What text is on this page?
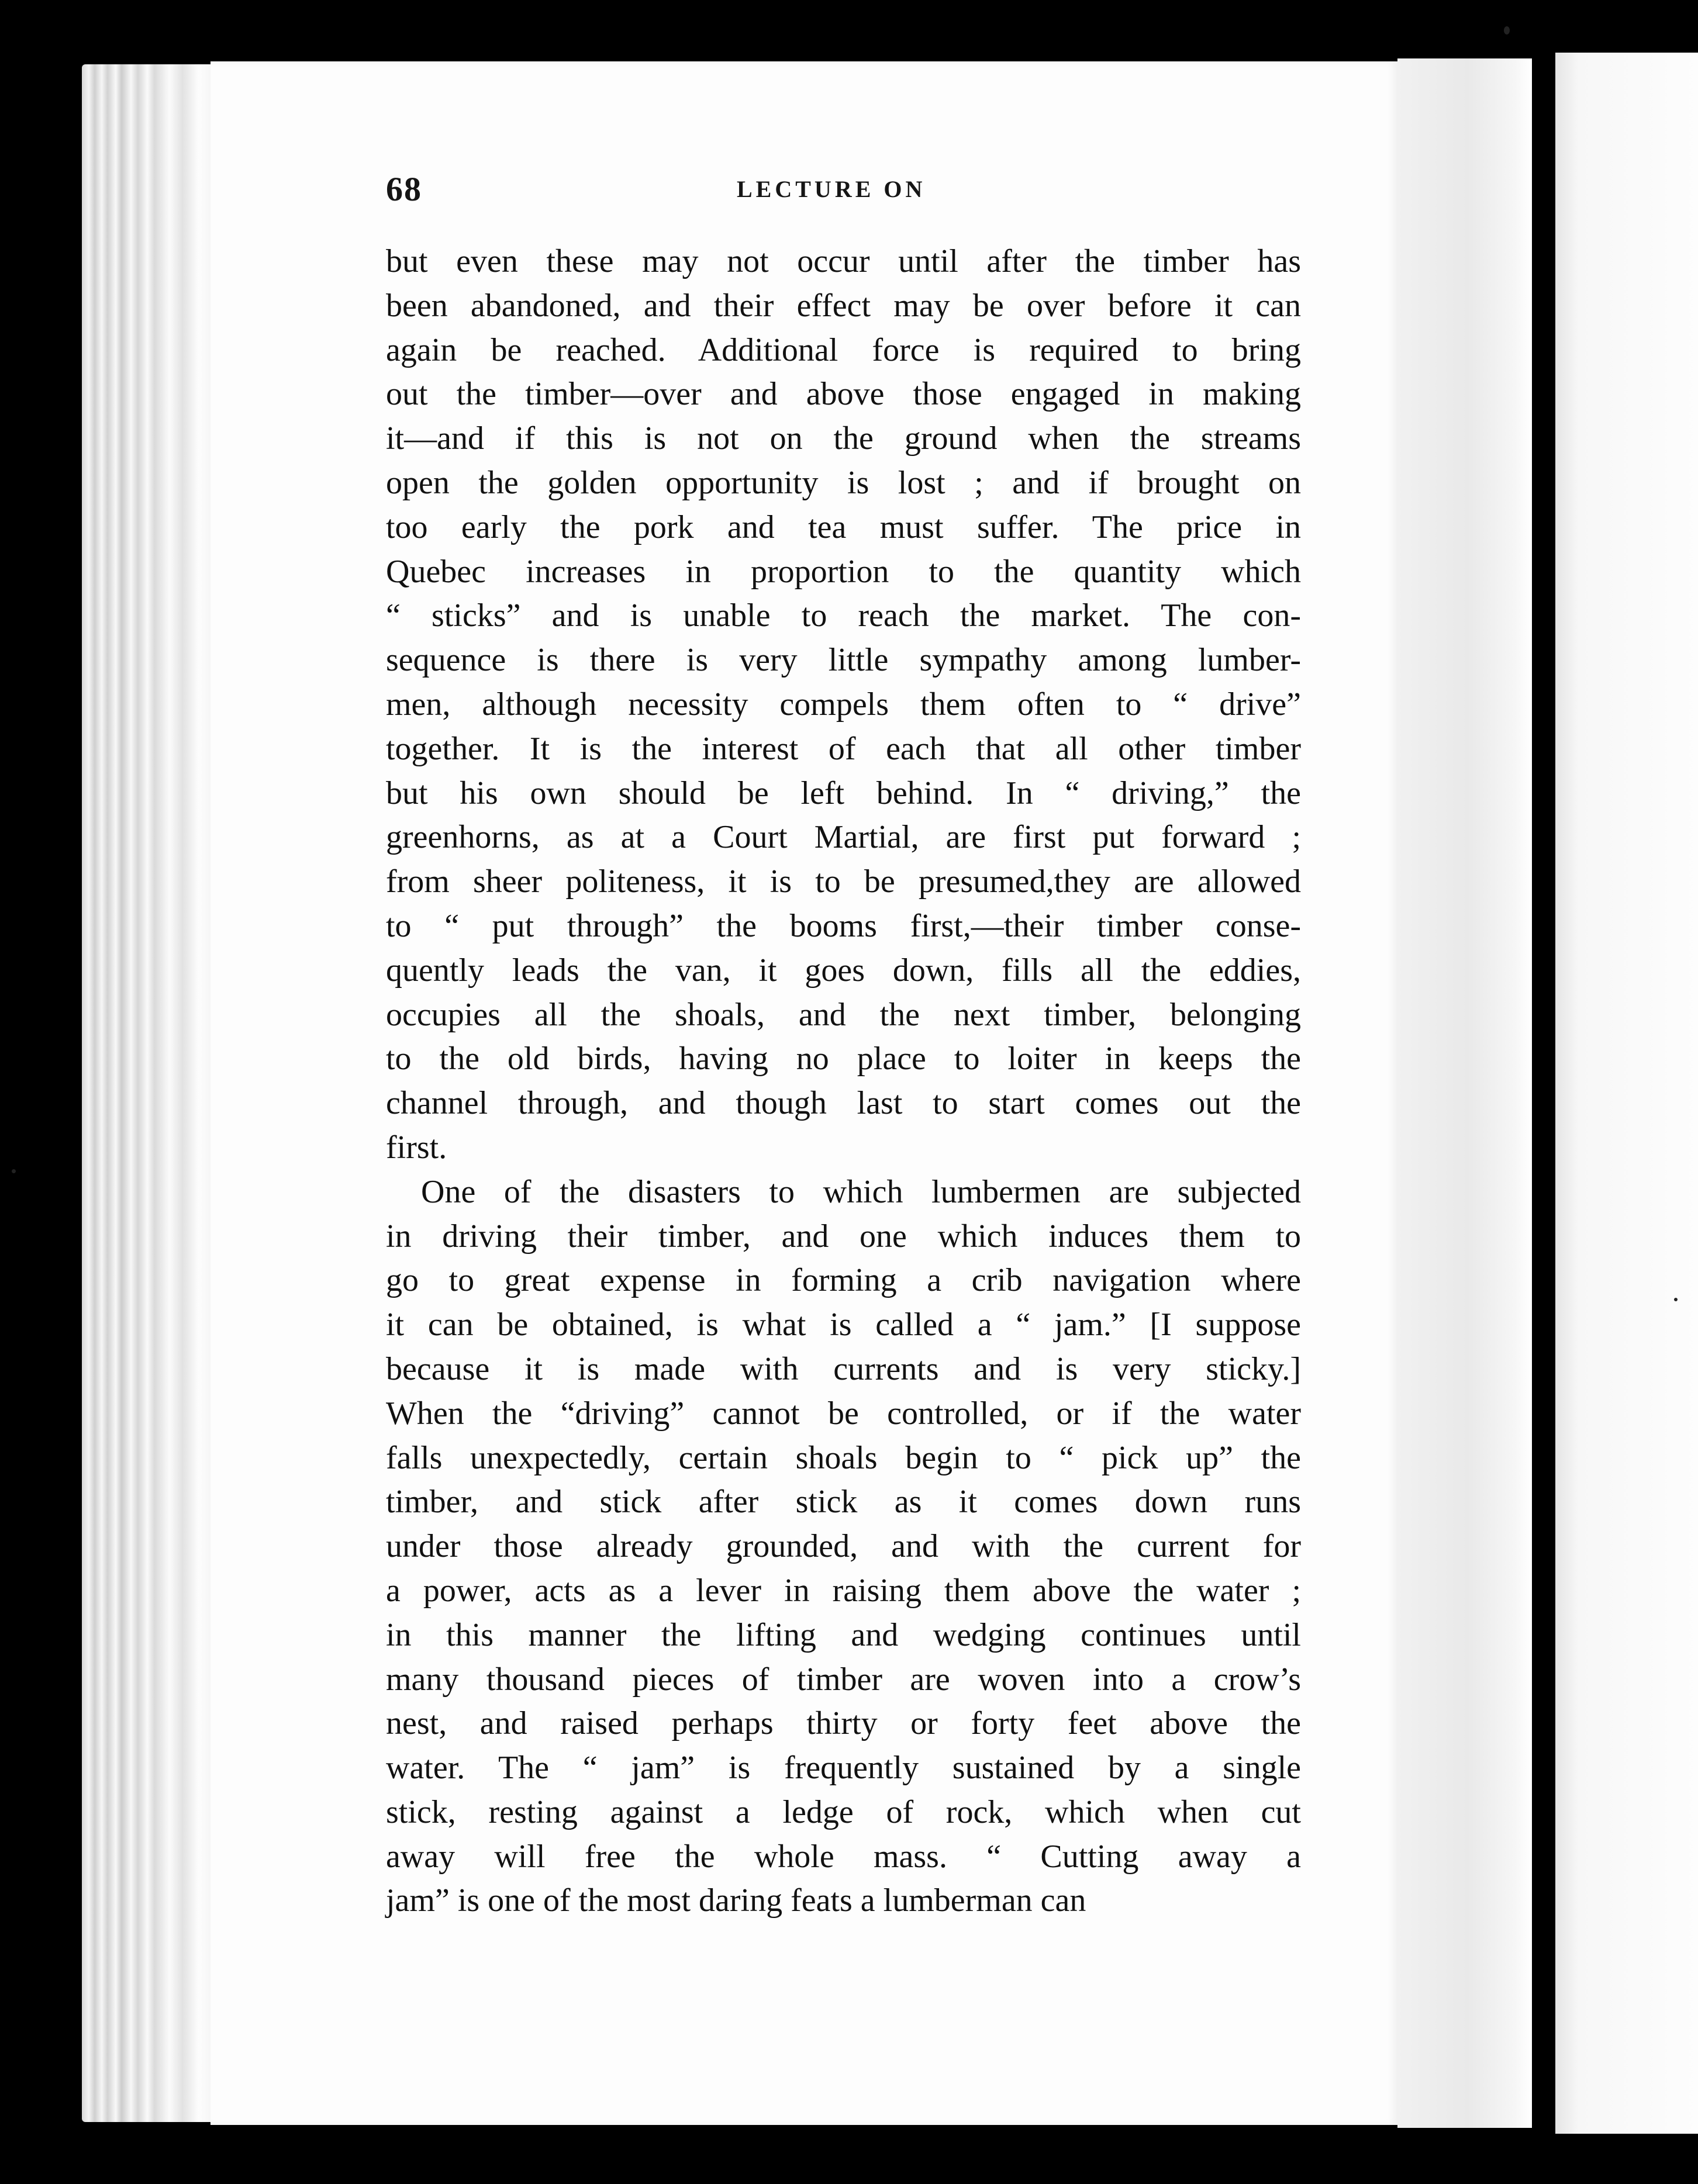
68	LECTURE ON
but even these may not occur until after the timber has
been abandoned, and their effect may be over before it can
again be reached. Additional force is required to bring
out the timber—over and above those engaged in making
it—and if this is not on the ground when the streams
open the golden opportunity is lost ; and if brought on
too early the pork and tea must suffer. The price in
Quebec increases in proportion to the quantity which
“ sticks” and is unable to reach the market. The con-
sequence is there is very little sympathy among lumber-
men, although necessity compels them often to “ drive”
together. It is the interest of each that all other timber
but his own should be left behind. In “ driving,” the
greenhorns, as at a Court Martial, are first put forward ;
from sheer politeness, it is to be presumed,they are allowed
to “ put through” the booms first,—their timber conse-
quently leads the van, it goes down, fills all the eddies,
occupies all the shoals, and the next timber, belonging
to the old birds, having no place to loiter in keeps the
channel through, and though last to start comes out the
first.
One of the disasters to which lumbermen are subjected
in driving their timber, and one which induces them to
go to great expense in forming a crib navigation where
it can be obtained, is what is called a “ jam.” [I suppose
because it is made with currents and is very sticky.]
When the “driving” cannot be controlled, or if the water
falls unexpectedly, certain shoals begin to “ pick up” the
timber, and stick after stick as it comes down runs
under those already grounded, and with the current for
a power, acts as a lever in raising them above the water ;
in this manner the lifting and wedging continues until
many thousand pieces of timber are woven into a crow’s
nest, and raised perhaps thirty or forty feet above the
water. The “ jam” is frequently sustained by a single
stick, resting against a ledge of rock, which when cut
away will free the whole mass. “ Cutting away a
jam” is one of the most daring feats a lumberman can
